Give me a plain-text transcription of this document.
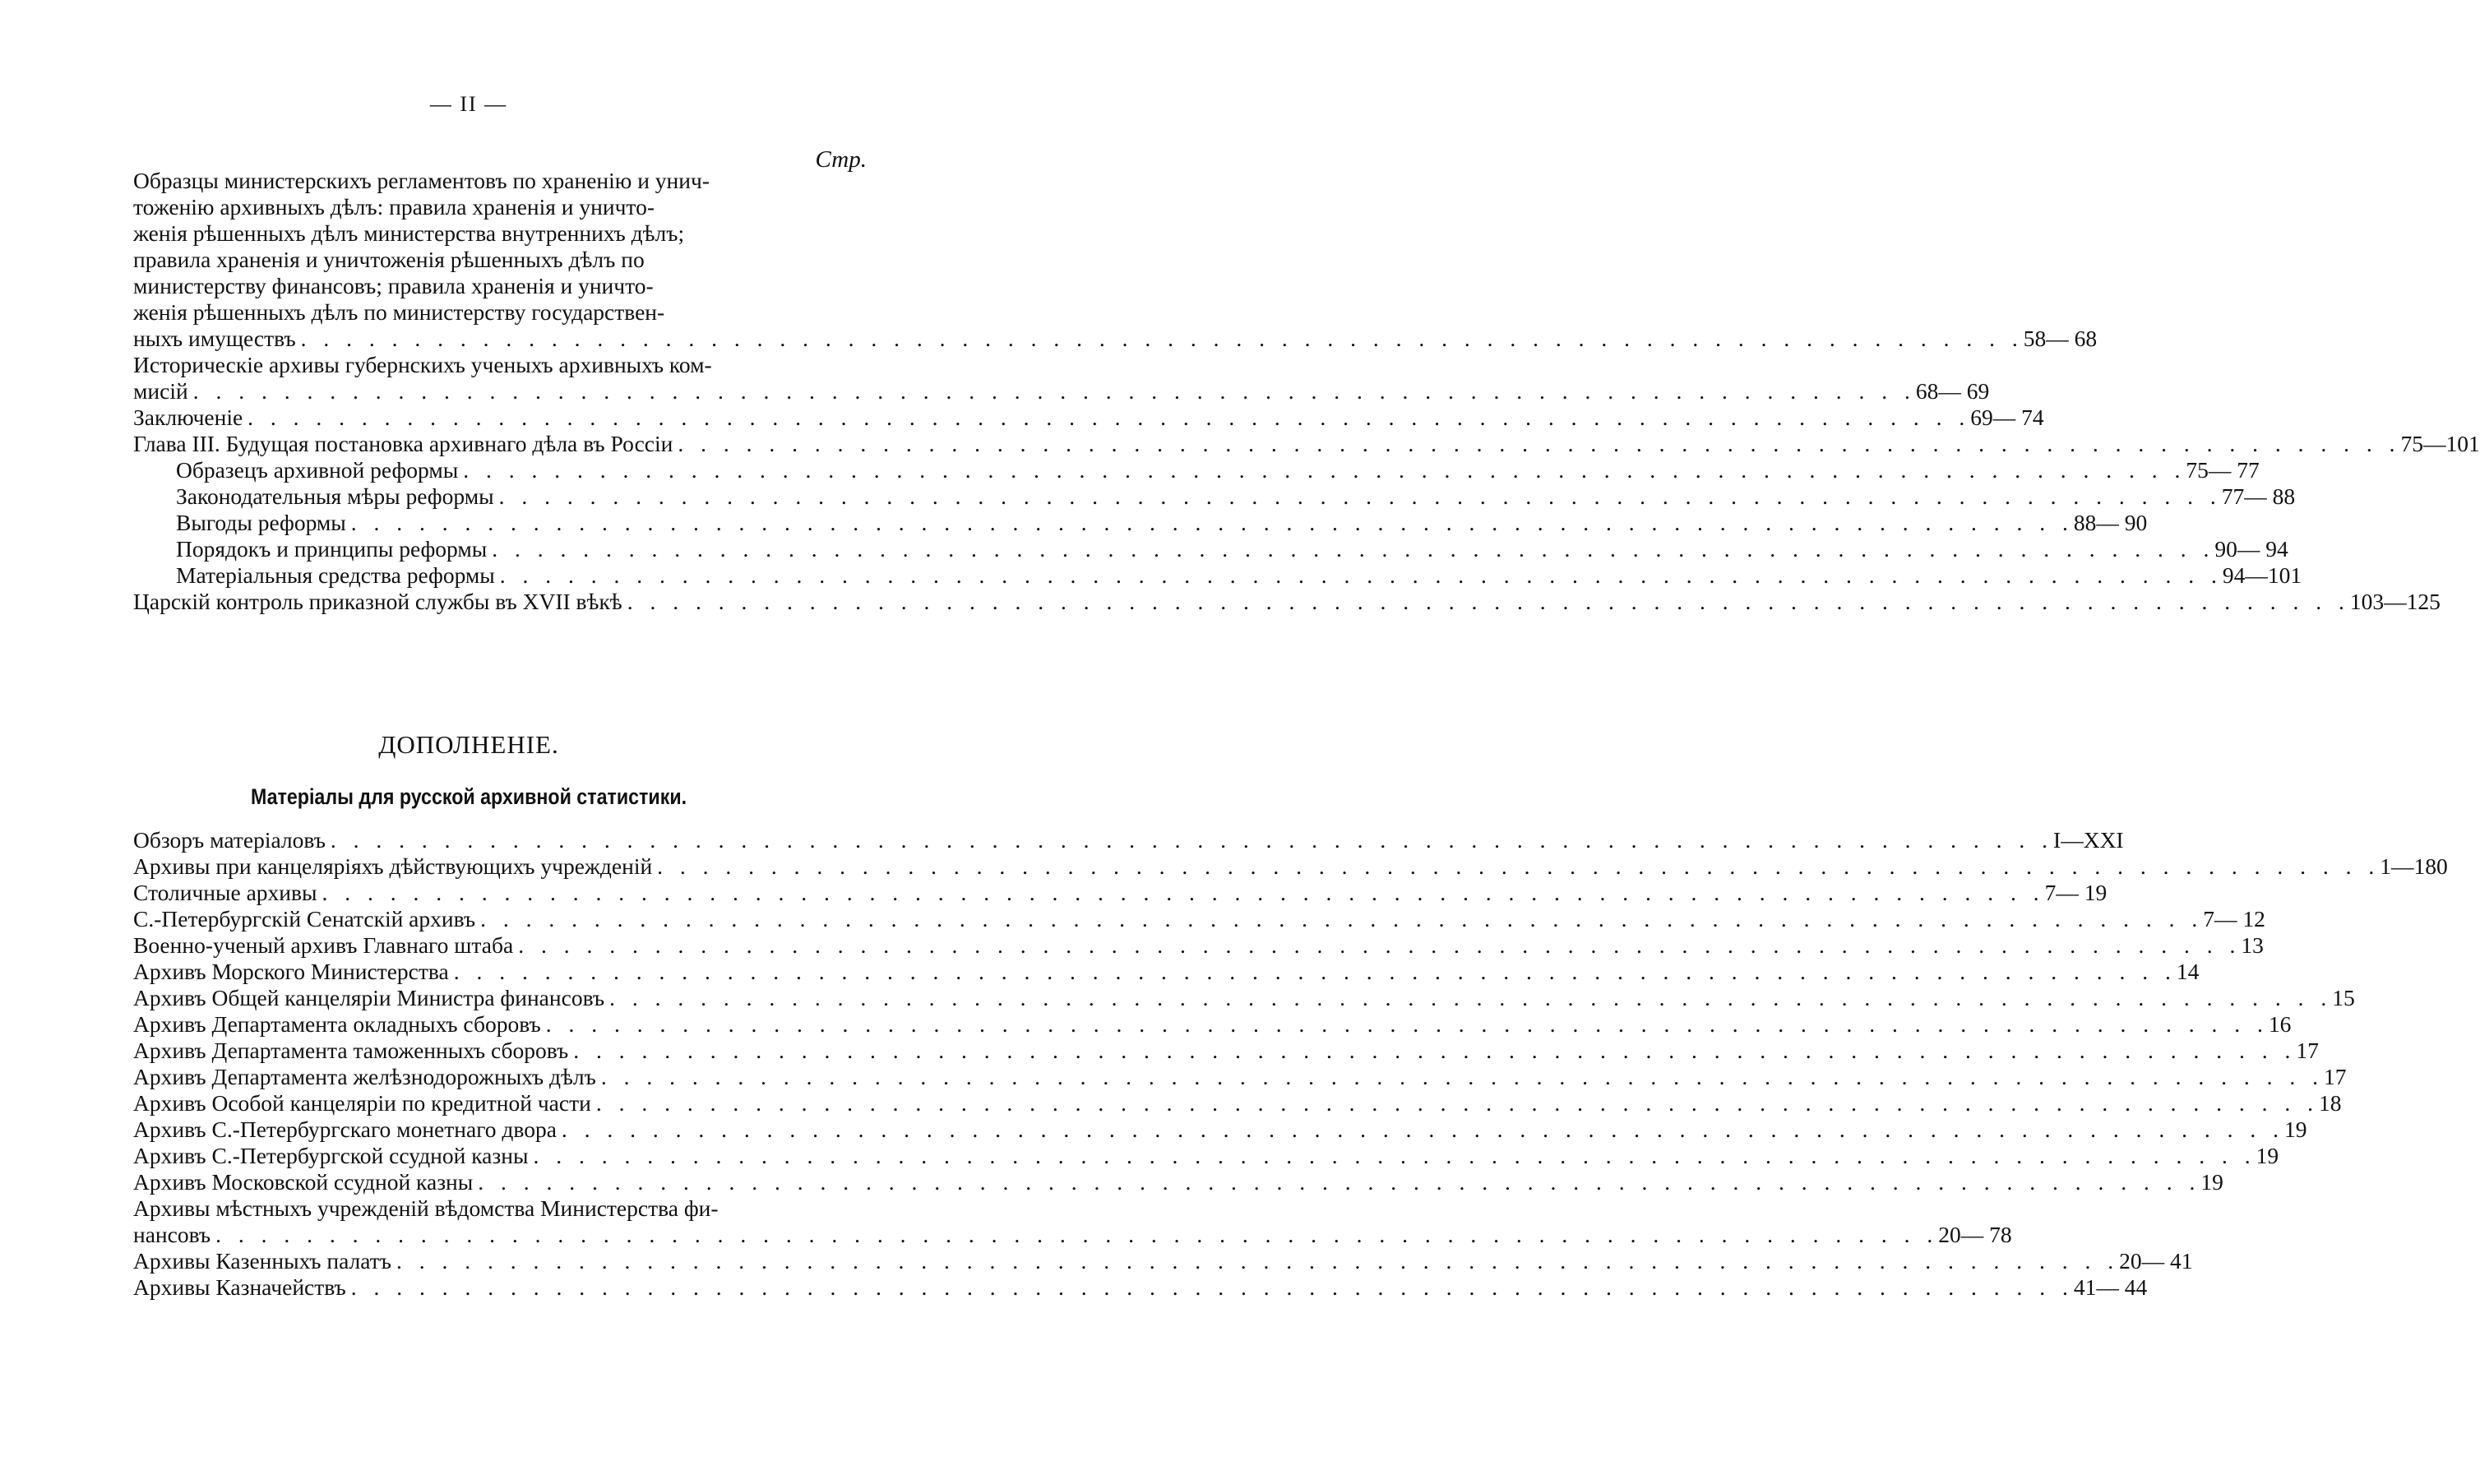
— II —
Стр.
Образцы министерскихъ регламентовъ по храненію и унич-
тоженію архивныхъ дѣлъ: правила храненія и уничто-
женія рѣшенныхъ дѣлъ министерства внутреннихъ дѣлъ;
правила храненія и уничтоженія рѣшенныхъ дѣлъ по
министерству финансовъ; правила храненія и уничто-
женія рѣшенныхъ дѣлъ по министерству государствен-
ныхъ имуществъ . . .	58— 68
Историческіе архивы губернскихъ ученыхъ архивныхъ ком-
мисій . . .	68— 69
Заключеніе . . .	69— 74
Глава III. Будущая постановка архивнаго дѣла въ Россіи . . .	75—101
Образецъ архивной реформы . . .	75— 77
Законодательныя мѣры реформы . . .	77— 88
Выгоды реформы . . .	88— 90
Порядокъ и принципы реформы . . .	90— 94
Матеріальныя средства реформы . . .	94—101
Царскій контроль приказной службы въ XVII вѣкѣ . . .	103—125
ДОПОЛНЕНІЕ.
Матеріалы для русской архивной статистики.
Обзоръ матеріаловъ . . .	I—XXI
Архивы при канцеляріяхъ дѣйствующихъ учрежденій . . .	1—180
Столичные архивы . . .	7— 19
С.-Петербургскій Сенатскій архивъ . . .	7— 12
Военно-ученый архивъ Главнаго штаба . . .	13
Архивъ Морского Министерства . . .	14
Архивъ Общей канцеляріи Министра финансовъ . . .	15
Архивъ Департамента окладныхъ сборовъ . . .	16
Архивъ Департамента таможенныхъ сборовъ . . .	17
Архивъ Департамента желѣзнодорожныхъ дѣлъ . . .	17
Архивъ Особой канцеляріи по кредитной части . . .	18
Архивъ С.-Петербургскаго монетнаго двора . . .	19
Архивъ С.-Петербургской ссудной казны . . .	19
Архивъ Московской ссудной казны . . .	19
Архивы мѣстныхъ учрежденій вѣдомства Министерства фи-
нансовъ . . .	20— 78
Архивы Казенныхъ палатъ . . .	20— 41
Архивы Казначействъ . . .	41— 44
